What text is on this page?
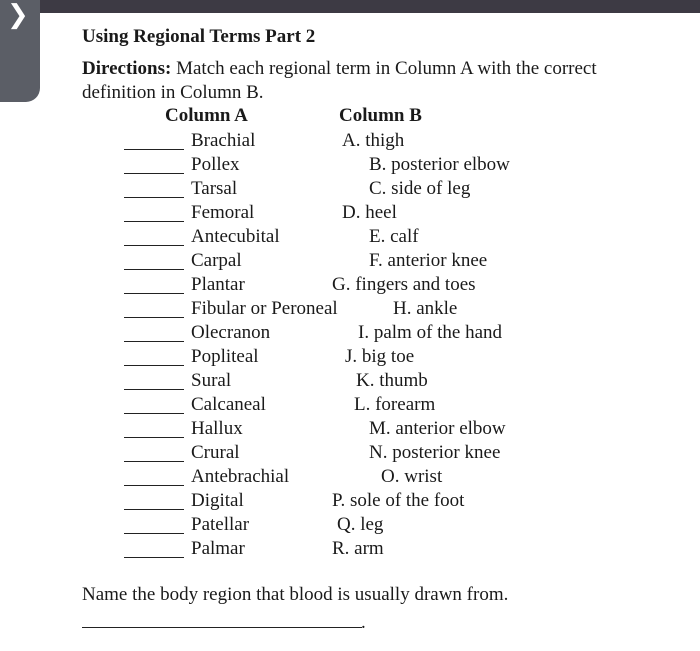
❯
Using Regional Terms Part 2
Directions: Match each regional term in Column A with the correct definition in Column B.
Column A	Column B
Brachial	A. thigh
Pollex	B. posterior elbow
Tarsal	C. side of leg
Femoral	D. heel
Antecubital	E. calf
Carpal	F. anterior knee
Plantar	G. fingers and toes
Fibular or Peroneal	H. ankle
Olecranon	I. palm of the hand
Popliteal	J. big toe
Sural	K. thumb
Calcaneal	L. forearm
Hallux	M. anterior elbow
Crural	N. posterior knee
Antebrachial	O. wrist
Digital	P. sole of the foot
Patellar	Q. leg
Palmar	R. arm
Name the body region that blood is usually drawn from.
.
